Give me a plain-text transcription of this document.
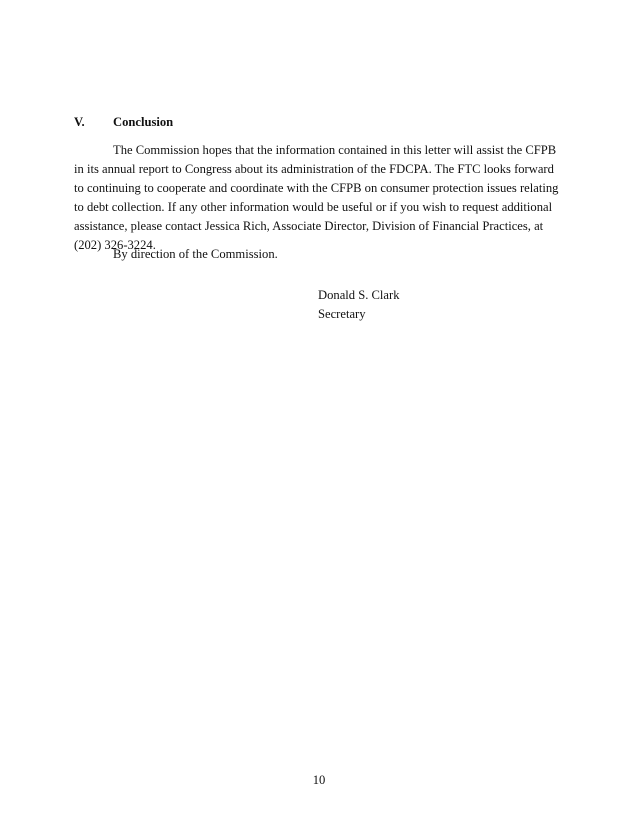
V. Conclusion

The Commission hopes that the information contained in this letter will assist the CFPB
in its annual report to Congress about its administration of the FDCPA. The FTC looks forward
to continuing to cooperate and coordinate with the CFPB on consumer protection issues relating
to debt collection. If any other information would be useful or if you wish to request additional
assistance, please contact Jessica Rich, Associate Director, Division of Financial Practices, at
(202) 326-3224.

By direction of the Commission.

Donald S. Clark
Secretary
10
